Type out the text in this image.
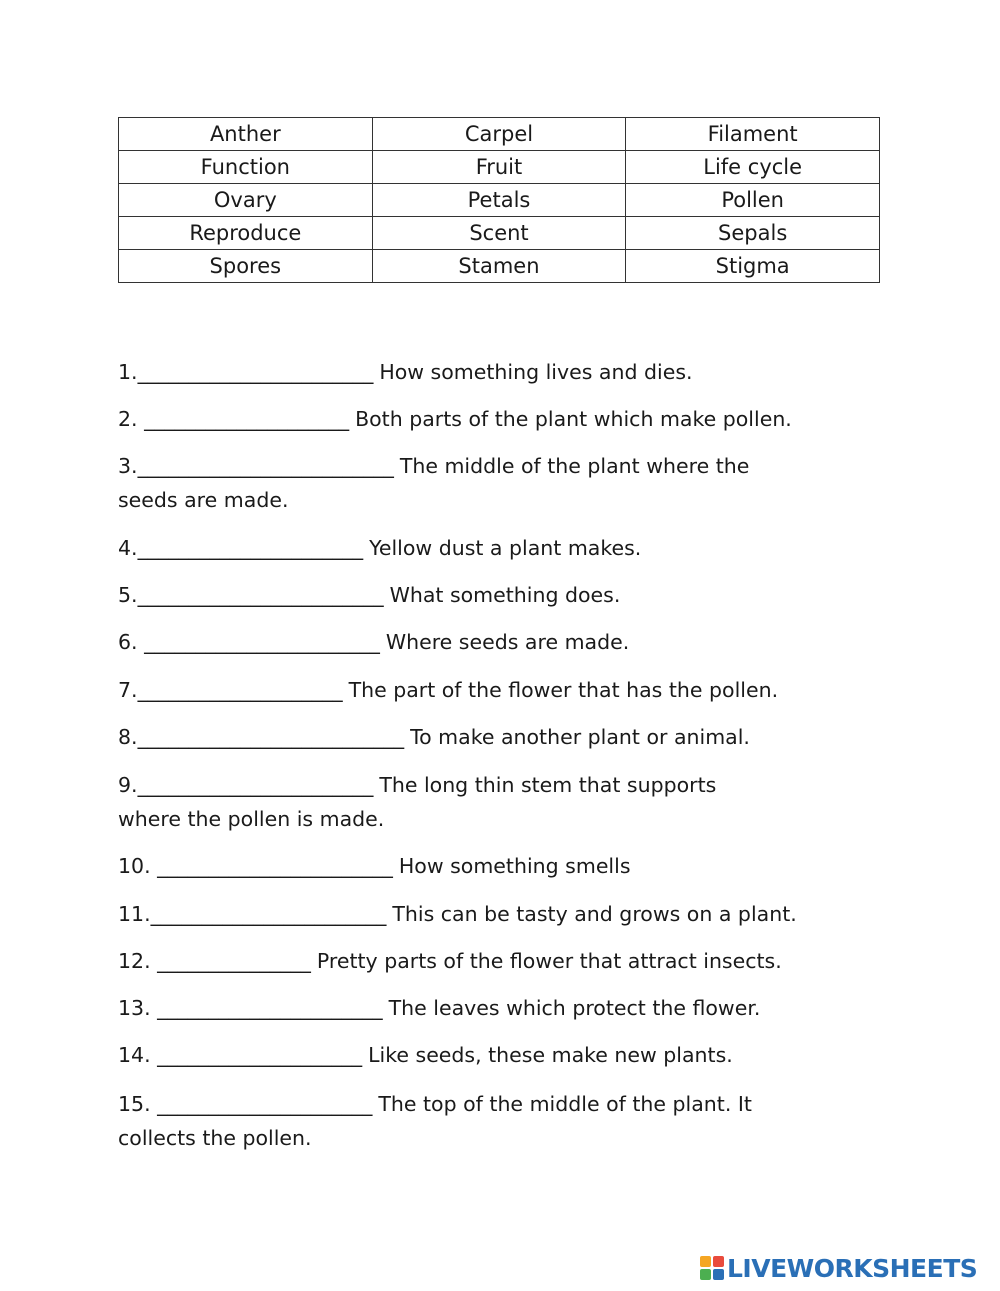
Anther	Carpel	Filament
Function	Fruit	Life cycle
Ovary	Petals	Pollen
Reproduce	Scent	Sepals
Spores	Stamen	Stigma
1._______________________ How something lives and dies.
2. ____________________ Both parts of the plant which make pollen.
3._________________________ The middle of the plant where the
seeds are made.
4.______________________ Yellow dust a plant makes.
5.________________________ What something does.
6. _______________________ Where seeds are made.
7.____________________ The part of the flower that has the pollen.
8.__________________________ To make another plant or animal.
9._______________________ The long thin stem that supports
where the pollen is made.
10. _______________________ How something smells
11._______________________ This can be tasty and grows on a plant.
12. _______________ Pretty parts of the flower that attract insects.
13. ______________________ The leaves which protect the flower.
14. ____________________ Like seeds, these make new plants.
15. _____________________ The top of the middle of the plant. It
collects the pollen.
LIVEWORKSHEETS
